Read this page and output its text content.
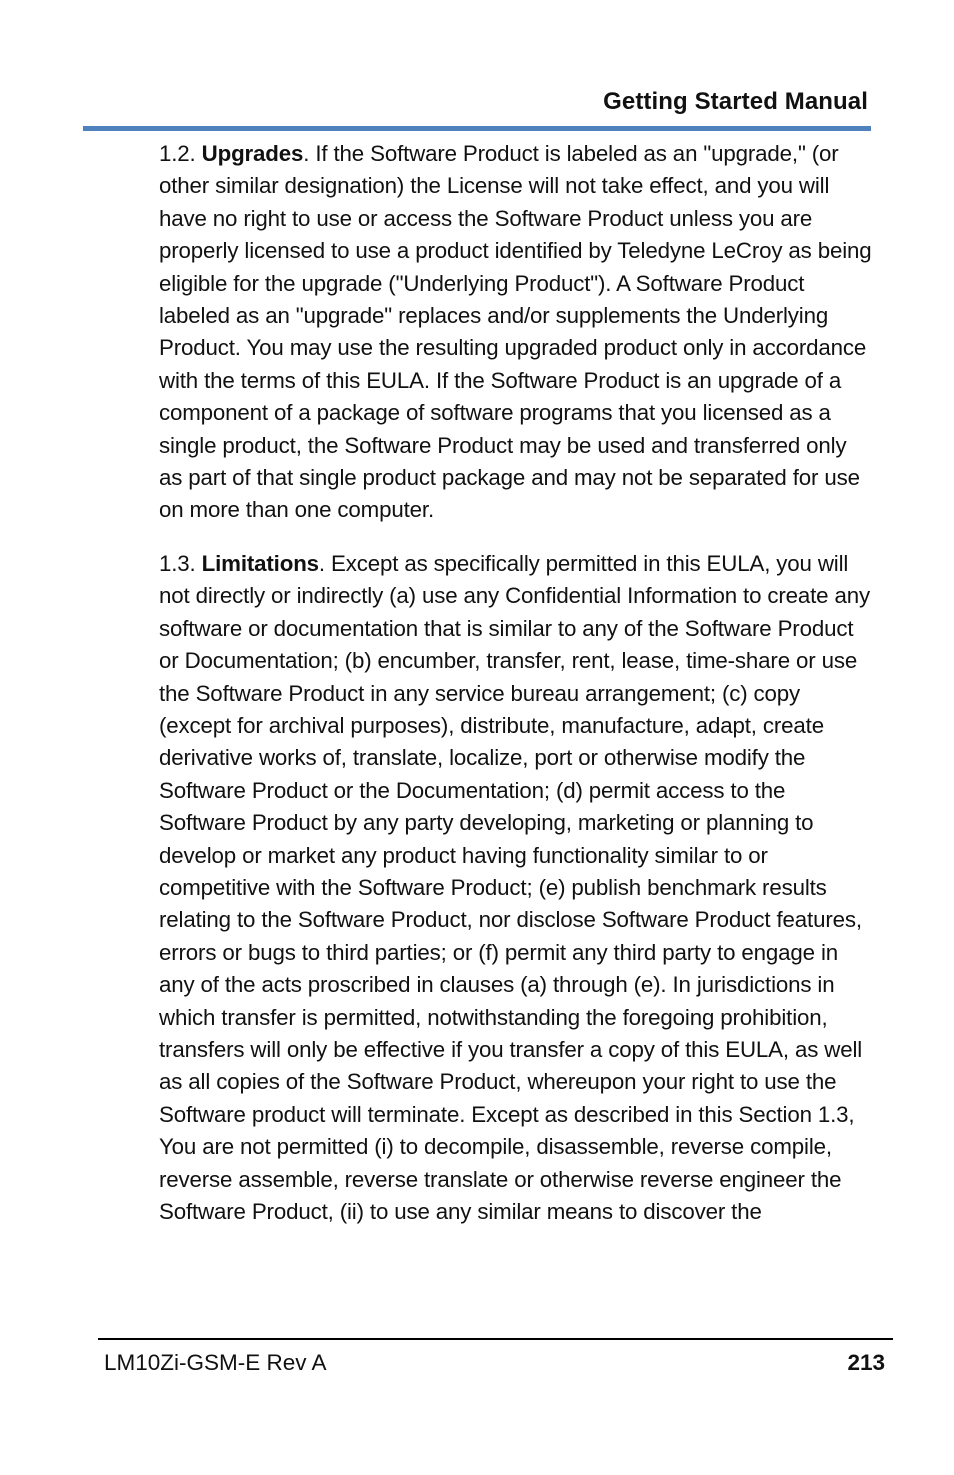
Getting Started Manual

1.2. Upgrades. If the Software Product is labeled as an "upgrade," (or other similar designation) the License will not take effect, and you will have no right to use or access the Software Product unless you are properly licensed to use a product identified by Teledyne LeCroy as being eligible for the upgrade ("Underlying Product"). A Software Product labeled as an "upgrade" replaces and/or supplements the Underlying Product. You may use the resulting upgraded product only in accordance with the terms of this EULA. If the Software Product is an upgrade of a component of a package of software programs that you licensed as a single product, the Software Product may be used and transferred only as part of that single product package and may not be separated for use on more than one computer.

1.3. Limitations. Except as specifically permitted in this EULA, you will not directly or indirectly (a) use any Confidential Information to create any software or documentation that is similar to any of the Software Product or Documentation; (b) encumber, transfer, rent, lease, time-share or use the Software Product in any service bureau arrangement; (c) copy (except for archival purposes), distribute, manufacture, adapt, create derivative works of, translate, localize, port or otherwise modify the Software Product or the Documentation; (d) permit access to the Software Product by any party developing, marketing or planning to develop or market any product having functionality similar to or competitive with the Software Product; (e) publish benchmark results relating to the Software Product, nor disclose Software Product features, errors or bugs to third parties; or (f) permit any third party to engage in any of the acts proscribed in clauses (a) through (e). In jurisdictions in which transfer is permitted, notwithstanding the foregoing prohibition, transfers will only be effective if you transfer a copy of this EULA, as well as all copies of the Software Product, whereupon your right to use the Software product will terminate. Except as described in this Section 1.3, You are not permitted (i) to decompile, disassemble, reverse compile, reverse assemble, reverse translate or otherwise reverse engineer the Software Product, (ii) to use any similar means to discover the

LM10Zi-GSM-E Rev A	213
